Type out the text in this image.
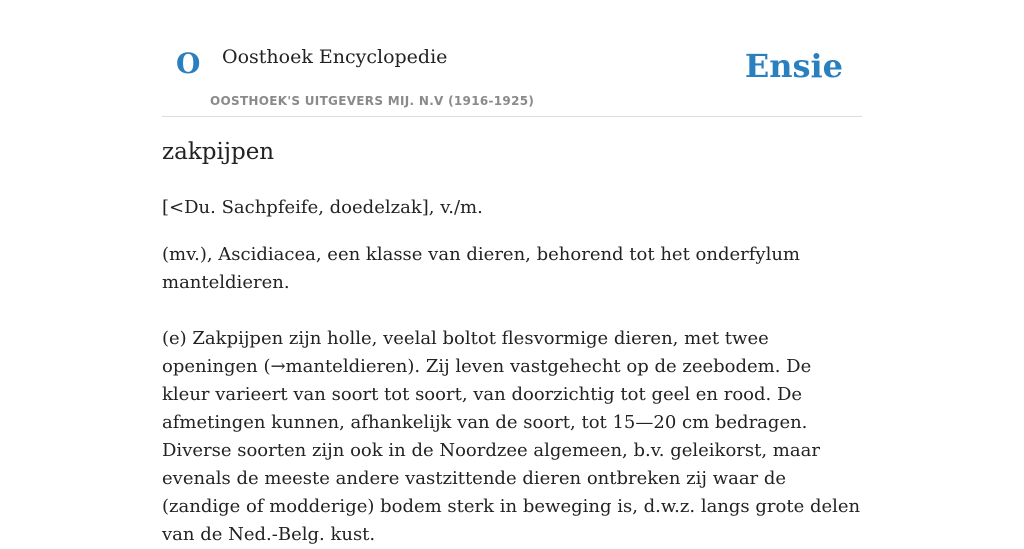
O Oosthoek Encyclopedie
OOSTHOEK'S UITGEVERS MIJ. N.V (1916-1925)
Ensie
zakpijpen

[<Du. Sachpfeife, doedelzak], v./m.

(mv.), Ascidiacea, een klasse van dieren, behorend tot het onderfylum manteldieren.

(e) Zakpijpen zijn holle, veelal boltot flesvormige dieren, met twee openingen (→manteldieren). Zij leven vastgehecht op de zeebodem. De kleur varieert van soort tot soort, van doorzichtig tot geel en rood. De afmetingen kunnen, afhankelijk van de soort, tot 15—20 cm bedragen. Diverse soorten zijn ook in de Noordzee algemeen, b.v. geleikorst, maar evenals de meeste andere vastzittende dieren ontbreken zij waar de (zandige of modderige) bodem sterk in beweging is, d.w.z. langs grote delen van de Ned.-Belg. kust.
